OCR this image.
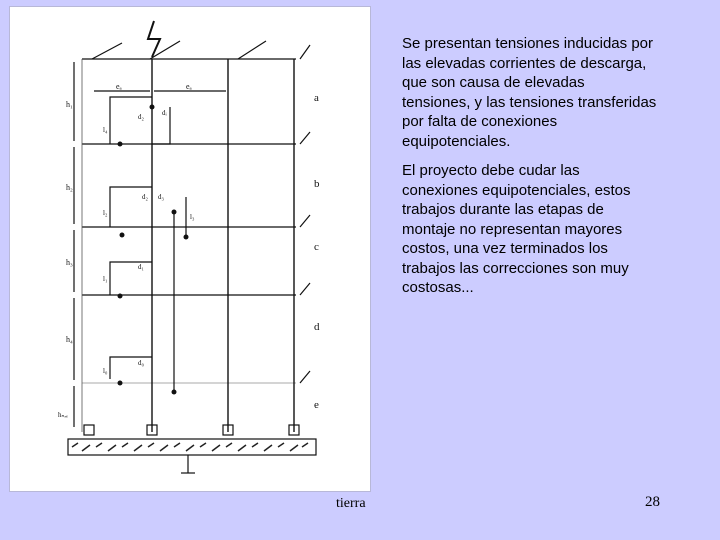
a
b
c
d
e
h₁
h₂
h₃
h₄
hₙ,ₑ
eₐ	eₐ
l₄
d₂	dᵢ
l₂
d₂
l₃
d₃
l₁
d₁
l₀
d₀

Se presentan tensiones inducidas por las elevadas corrientes de descarga, que son causa de elevadas tensiones, y las tensiones transferidas por falta de conexiones equipotenciales.

El proyecto debe cudar las conexiones equipotenciales, estos trabajos durante las etapas de montaje no representan mayores costos, una vez terminados los trabajos las correcciones son muy costosas...

tierra	28
